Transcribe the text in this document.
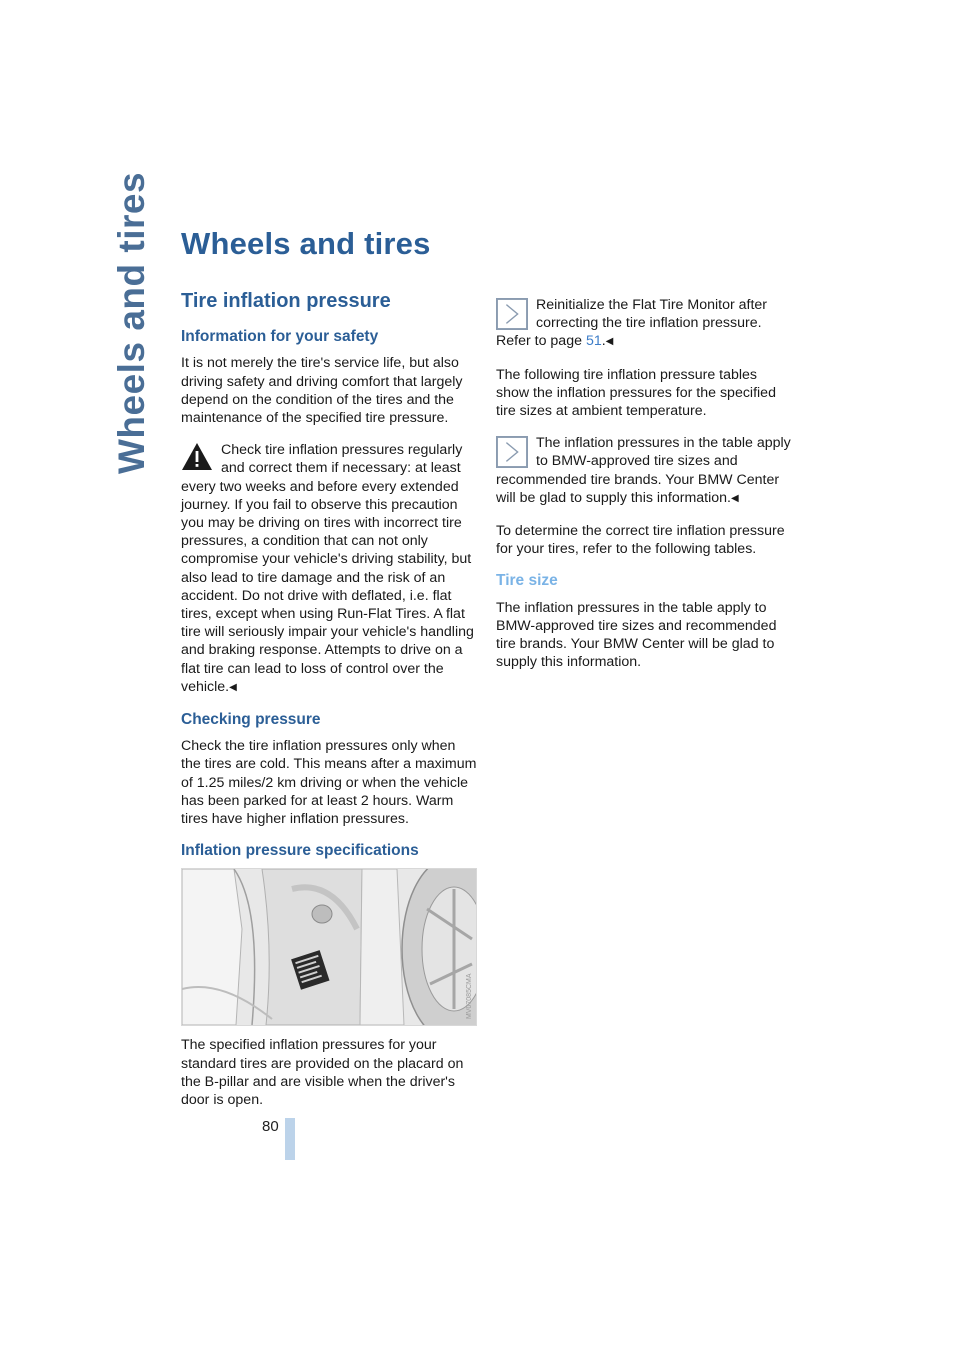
Wheels and tires Wheels and tires
Tire inflation pressure
Information for your safety

It is not merely the tire's service life, but also driving safety and driving comfort that largely depend on the condition of the tires and the maintenance of the specified tire pressure.

Check tire inflation pressures regularly and correct them if necessary: at least every two weeks and before every extended journey. If you fail to observe this precaution you may be driving on tires with incorrect tire pressures, a condition that can not only compromise your vehicle's driving stability, but also lead to tire damage and the risk of an accident. Do not drive with deflated, i.e. flat tires, except when using Run-Flat Tires. A flat tire will seriously impair your vehicle's handling and braking response. Attempts to drive on a flat tire can lead to loss of control over the vehicle.◀

Checking pressure

Check the tire inflation pressures only when the tires are cold. This means after a maximum of 1.25 miles/2 km driving or when the vehicle has been parked for at least 2 hours. Warm tires have higher inflation pressures.

Inflation pressure specifications
MV07085CMA

The specified inflation pressures for your standard tires are provided on the placard on the B-pillar and are visible when the driver's door is open.

Reinitialize the Flat Tire Monitor after correcting the tire inflation pressure. Refer to page 51.◀

The following tire inflation pressure tables show the inflation pressures for the specified tire sizes at ambient temperature.

The inflation pressures in the table apply to BMW-approved tire sizes and recommended tire brands. Your BMW Center will be glad to supply this information.◀

To determine the correct tire inflation pressure for your tires, refer to the following tables.

Tire size

The inflation pressures in the table apply to BMW-approved tire sizes and recommended tire brands. Your BMW Center will be glad to supply this information.

80
